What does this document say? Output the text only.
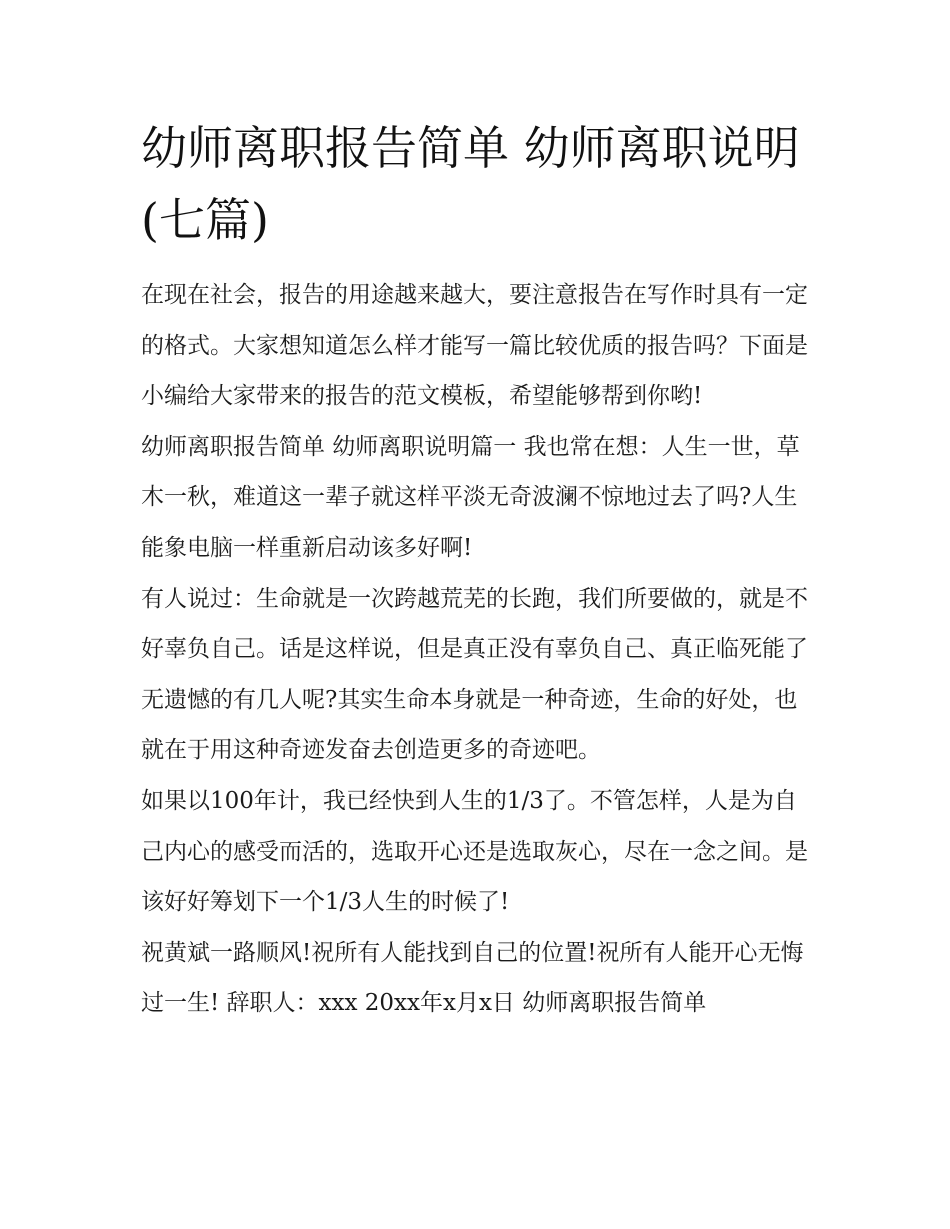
幼师离职报告简单 幼师离职说明(七篇)

在现在社会，报告的用途越来越大，要注意报告在写作时具有一定的格式。大家想知道怎么样才能写一篇比较优质的报告吗？下面是小编给大家带来的报告的范文模板，希望能够帮到你哟!

幼师离职报告简单 幼师离职说明篇一 我也常在想：人生一世，草木一秋，难道这一辈子就这样平淡无奇波澜不惊地过去了吗?人生能象电脑一样重新启动该多好啊!

有人说过：生命就是一次跨越荒芜的长跑，我们所要做的，就是不好辜负自己。话是这样说，但是真正没有辜负自己、真正临死能了无遗憾的有几人呢?其实生命本身就是一种奇迹，生命的好处，也就在于用这种奇迹发奋去创造更多的奇迹吧。

如果以100年计，我已经快到人生的1/3了。不管怎样，人是为自己内心的感受而活的，选取开心还是选取灰心，尽在一念之间。是该好好筹划下一个1/3人生的时候了!

祝黄斌一路顺风!祝所有人能找到自己的位置!祝所有人能开心无悔过一生! 辞职人：xxx 20xx年x月x日 幼师离职报告简单
